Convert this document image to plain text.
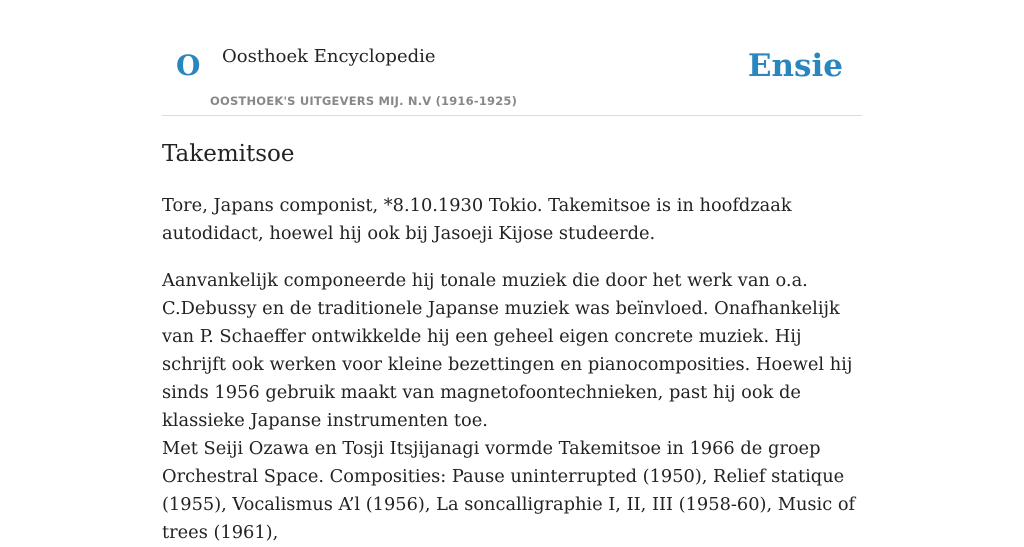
O Oosthoek Encyclopedie
OOSTHOEK'S UITGEVERS MIJ. N.V (1916-1925)
Ensie
Takemitsoe

Tore, Japans componist, *8.10.1930 Tokio. Takemitsoe is in hoofdzaak autodidact, hoewel hij ook bij Jasoeji Kijose studeerde.

Aanvankelijk componeerde hij tonale muziek die door het werk van o.a. C.Debussy en de traditionele Japanse muziek was beïnvloed. Onafhankelijk van P. Schaeffer ontwikkelde hij een geheel eigen concrete muziek. Hij schrijft ook werken voor kleine bezettingen en pianocomposities. Hoewel hij sinds 1956 gebruik maakt van magnetofoontechnieken, past hij ook de klassieke Japanse instrumenten toe.

Met Seiji Ozawa en Tosji Itsjijanagi vormde Takemitsoe in 1966 de groep Orchestral Space. Composities: Pause uninterrupted (1950), Relief statique (1955), Vocalismus A’l (1956), La soncalligraphie I, II, III (1958-60), Music of trees (1961),
